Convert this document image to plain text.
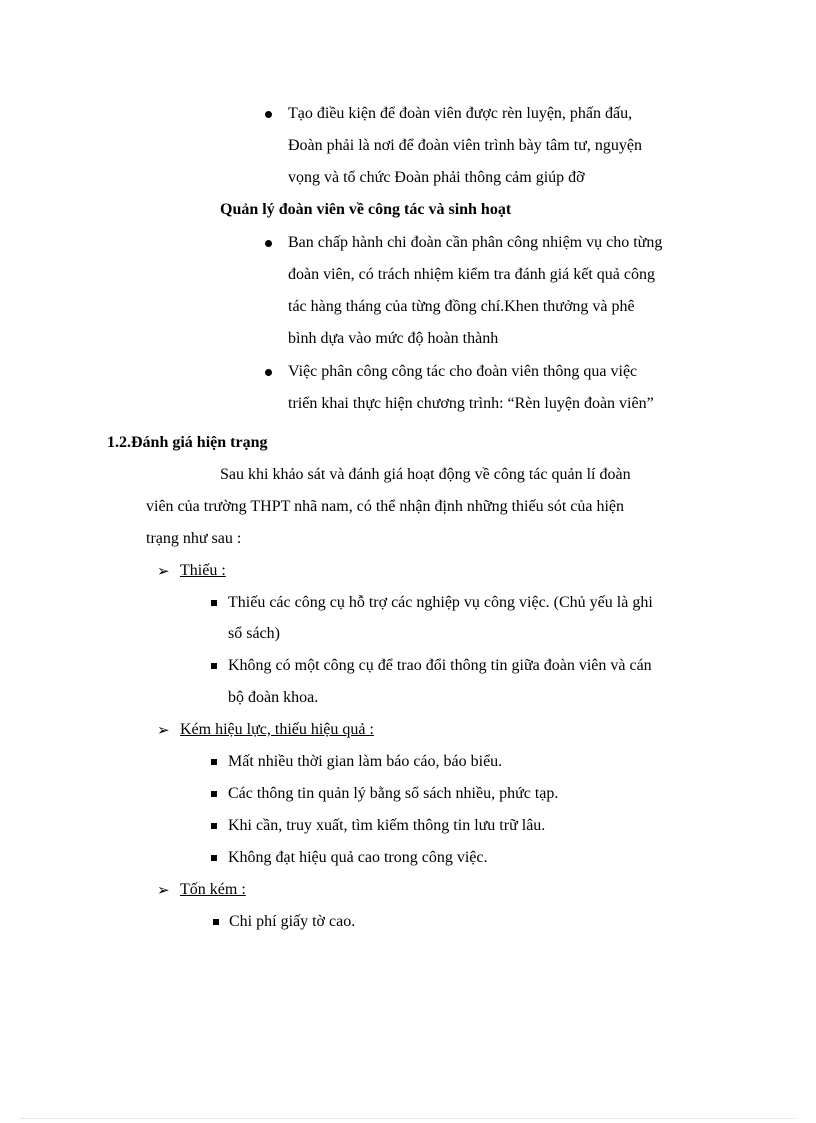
Tạo điều kiện để đoàn viên được rèn luyện, phấn đấu,
Đoàn phải là nơi để đoàn viên trình bày tâm tư, nguyện
vọng và tổ chức Đoàn phải thông cảm giúp đỡ
Quản lý đoàn viên về công tác và sinh hoạt
Ban chấp hành chi đoàn cần phân công nhiệm vụ cho từng
đoàn viên, có trách nhiệm kiểm tra đánh giá kết quả công
tác hàng tháng của từng đồng chí.Khen thưởng và phê
bình dựa vào mức độ hoàn thành
Việc phân công công tác cho đoàn viên thông qua việc
triển khai thực hiện chương trình: “Rèn luyện đoàn viên”
1.2.Đánh giá hiện trạng
Sau khi khảo sát và đánh giá hoạt động về công tác quản lí đoàn
viên của trường THPT nhã nam, có thể nhận định những thiếu sót của hiện
trạng như sau :
➢ Thiếu :
Thiếu các công cụ hỗ trợ các nghiệp vụ công việc. (Chủ yếu là ghi
sổ sách)
Không có một công cụ để trao đổi thông tin giữa đoàn viên và cán
bộ đoàn khoa.
➢ Kém hiệu lực, thiếu hiệu quả :
Mất nhiều thời gian làm báo cáo, báo biểu.
Các thông tin quản lý bằng sổ sách nhiều, phức tạp.
Khi cần, truy xuất, tìm kiếm thông tin lưu trữ lâu.
Không đạt hiệu quả cao trong công việc.
➢ Tốn kém :
Chi phí giấy tờ cao.
